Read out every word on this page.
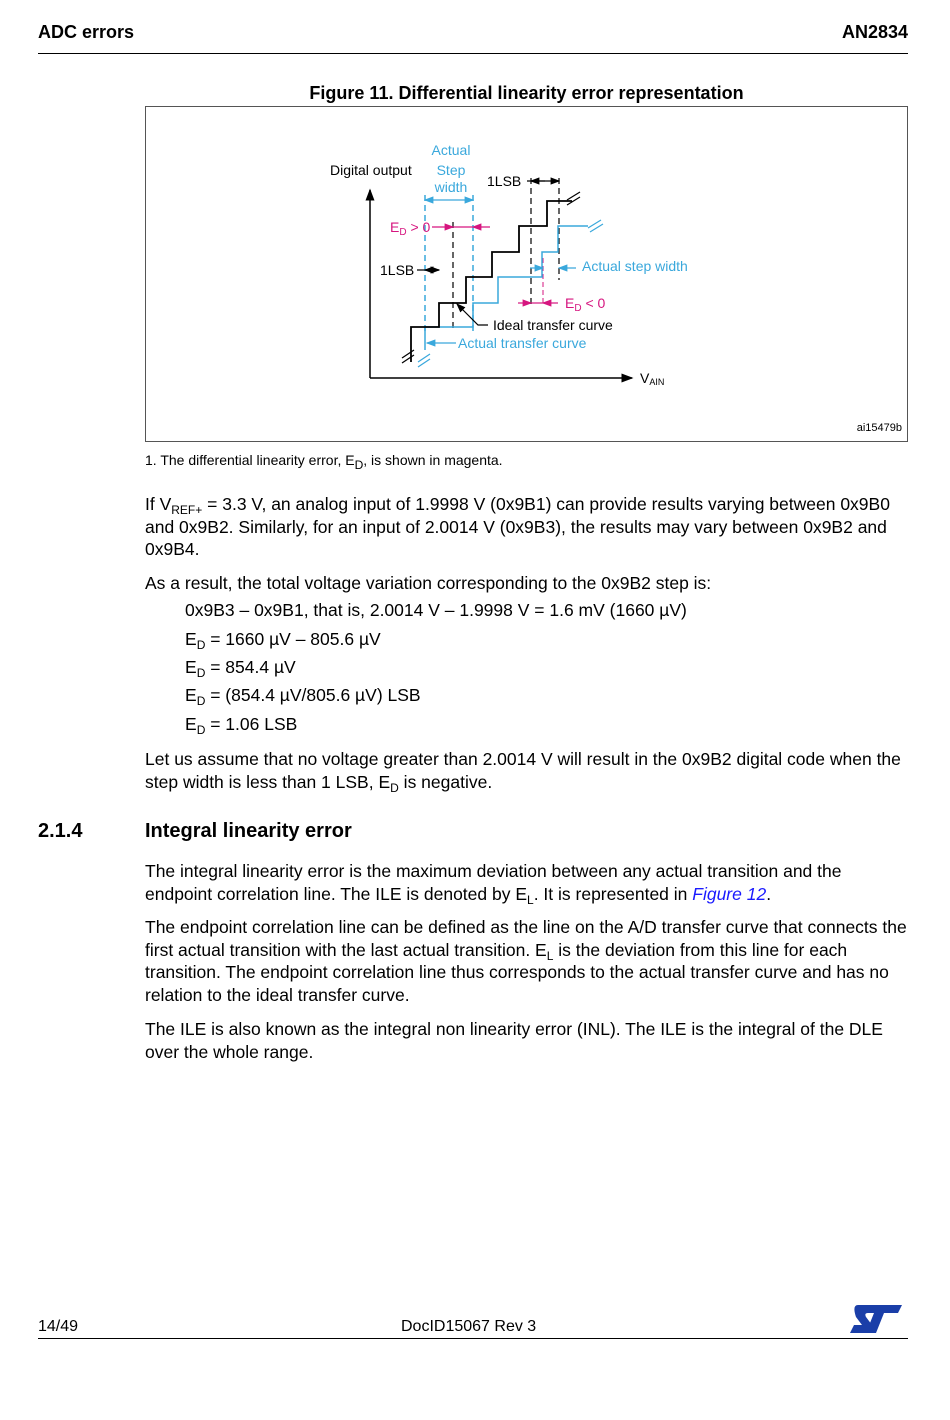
ADC errors	AN2834
Figure 11. Differential linearity error representation
Digital output
Actual
Step
width 1LSB
1LSB
$E_D > 0$
$E_D < 0$
Actual step width
Ideal transfer curve
Actual transfer curve
VAIN
ai15479b
1. The differential linearity error, $E_D$, is shown in magenta.
If $V_{REF+} = 3.3$ V, an analog input of 1.9998 V (0x9B1) can provide results varying between 0x9B0 and 0x9B2. Similarly, for an input of 2.0014 V (0x9B3), the results may vary between 0x9B2 and 0x9B4.
As a result, the total voltage variation corresponding to the 0x9B2 step is:
0x9B3 – 0x9B1, that is, 2.0014 V – 1.9998 V = 1.6 mV (1660 µV)
$E_D = 1660$ µV – 805.6 µV
$E_D = 854.4$ µV
$E_D = (854.4$ µV/805.6 µV) LSB
$E_D = 1.06$ LSB
Let us assume that no voltage greater than 2.0014 V will result in the 0x9B2 digital code when the step width is less than 1 LSB, $E_D$ is negative.
2.1.4	Integral linearity error
The integral linearity error is the maximum deviation between any actual transition and the endpoint correlation line. The ILE is denoted by $E_L$. It is represented in Figure 12.
The endpoint correlation line can be defined as the line on the A/D transfer curve that connects the first actual transition with the last actual transition. $E_L$ is the deviation from this line for each transition. The endpoint correlation line thus corresponds to the actual transfer curve and has no relation to the ideal transfer curve.
The ILE is also known as the integral non linearity error (INL). The ILE is the integral of the DLE over the whole range.
14/49	DocID15067 Rev 3
